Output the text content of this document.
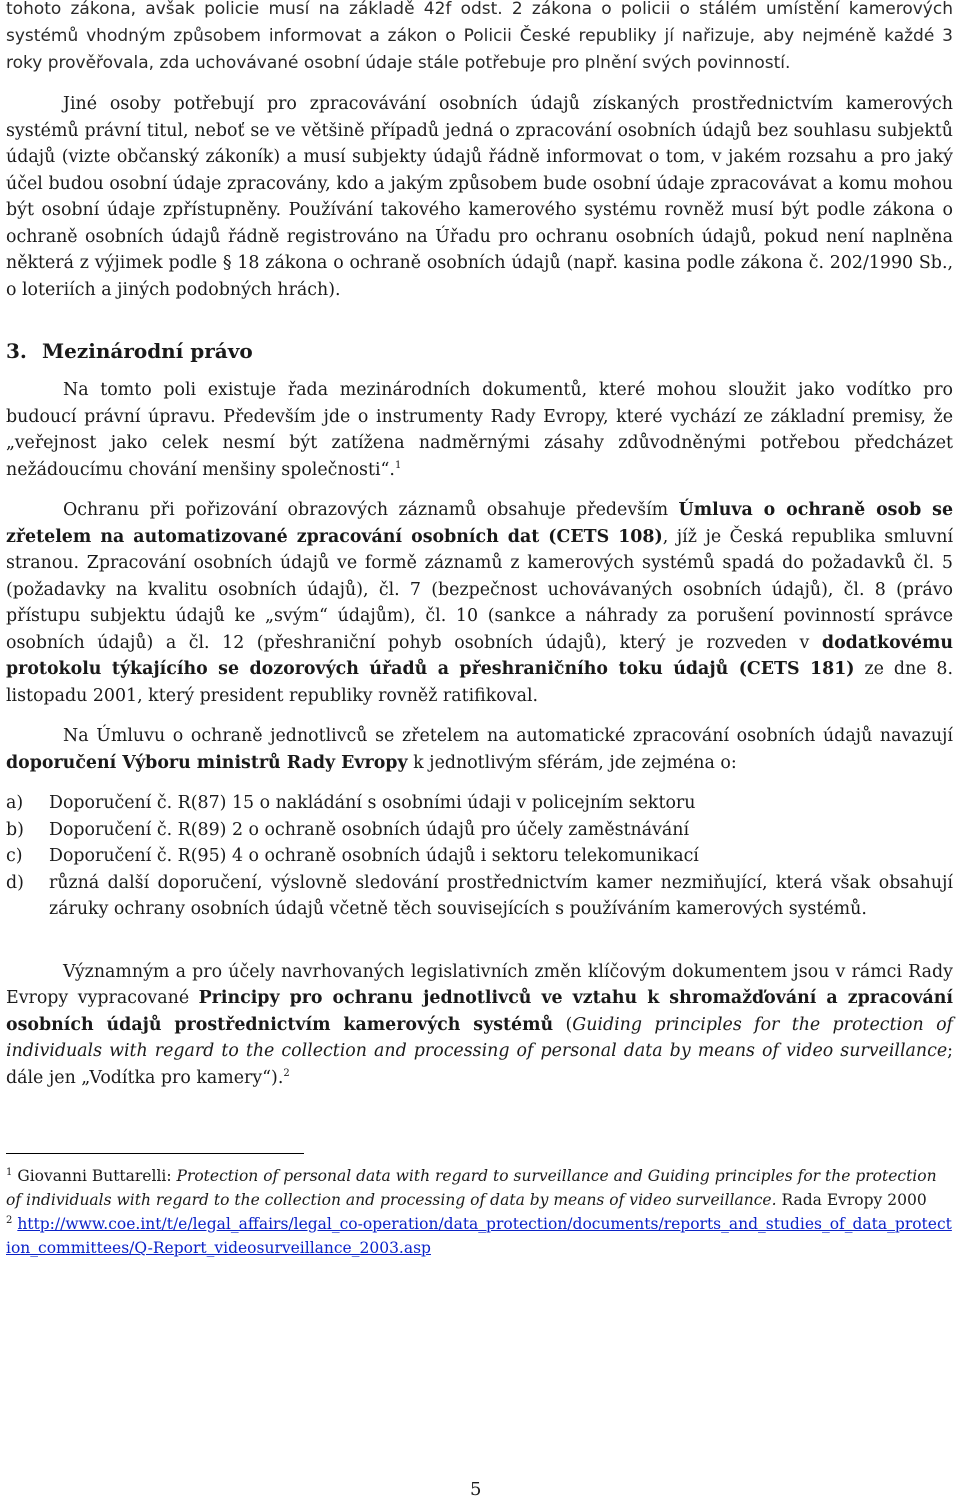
tohoto zákona, avšak policie musí na základě 42f odst. 2 zákona o policii o stálém umístění kamerových systémů vhodným způsobem informovat a zákon o Policii České republiky jí nařizuje, aby nejméně každé 3 roky prověřovala, zda uchovávané osobní údaje stále potřebuje pro plnění svých povinností.

Jiné osoby potřebují pro zpracovávání osobních údajů získaných prostřednictvím kamerových systémů právní titul, neboť se ve většině případů jedná o zpracování osobních údajů bez souhlasu subjektů údajů (vizte občanský zákoník) a musí subjekty údajů řádně informovat o tom, v jakém rozsahu a pro jaký účel budou osobní údaje zpracovány, kdo a jakým způsobem bude osobní údaje zpracovávat a komu mohou být osobní údaje zpřístupněny. Používání takového kamerového systému rovněž musí být podle zákona o ochraně osobních údajů řádně registrováno na Úřadu pro ochranu osobních údajů, pokud není naplněna některá z výjimek podle § 18 zákona o ochraně osobních údajů (např. kasina podle zákona č. 202/1990 Sb., o loteriích a jiných podobných hrách).

3. Mezinárodní právo

Na tomto poli existuje řada mezinárodních dokumentů, které mohou sloužit jako vodítko pro budoucí právní úpravu. Především jde o instrumenty Rady Evropy, které vychází ze základní premisy, že „veřejnost jako celek nesmí být zatížena nadměrnými zásahy zdůvodněnými potřebou předcházet nežádoucímu chování menšiny společnosti“.$^1$

Ochranu při pořizování obrazových záznamů obsahuje především Úmluva o ochraně osob se zřetelem na automatizované zpracování osobních dat (CETS 108), jíž je Česká republika smluvní stranou. Zpracování osobních údajů ve formě záznamů z kamerových systémů spadá do požadavků čl. 5 (požadavky na kvalitu osobních údajů), čl. 7 (bezpečnost uchovávaných osobních údajů), čl. 8 (právo přístupu subjektu údajů ke „svým“ údajům), čl. 10 (sankce a náhrady za porušení povinností správce osobních údajů) a čl. 12 (přeshraniční pohyb osobních údajů), který je rozveden v dodatkovému protokolu týkajícího se dozorových úřadů a přeshraničního toku údajů (CETS 181) ze dne 8. listopadu 2001, který president republiky rovněž ratifikoval.

Na Úmluvu o ochraně jednotlivců se zřetelem na automatické zpracování osobních údajů navazují doporučení Výboru ministrů Rady Evropy k jednotlivým sférám, jde zejména o:

a)	Doporučení č. R(87) 15 o nakládání s osobními údaji v policejním sektoru
b)	Doporučení č. R(89) 2 o ochraně osobních údajů pro účely zaměstnávání
c)	Doporučení č. R(95) 4 o ochraně osobních údajů i sektoru telekomunikací
d)	různá další doporučení, výslovně sledování prostřednictvím kamer nezmiňující, která však obsahují záruky ochrany osobních údajů včetně těch souvisejících s používáním kamerových systémů.

Významným a pro účely navrhovaných legislativních změn klíčovým dokumentem jsou v rámci Rady Evropy vypracované Principy pro ochranu jednotlivců ve vztahu k shromažďování a zpracování osobních údajů prostřednictvím kamerových systémů (Guiding principles for the protection of individuals with regard to the collection and processing of personal data by means of video surveillance; dále jen „Vodítka pro kamery“).$^2$

$^1$ Giovanni Buttarelli: Protection of personal data with regard to surveillance and Guiding principles for the protection of individuals with regard to the collection and processing of data by means of video surveillance. Rada Evropy 2000

$^2$ http://www.coe.int/t/e/legal_affairs/legal_co-operation/data_protection/documents/reports_and_studies_of_data_protection_committees/Q-Report_videosurveillance_2003.asp

5
